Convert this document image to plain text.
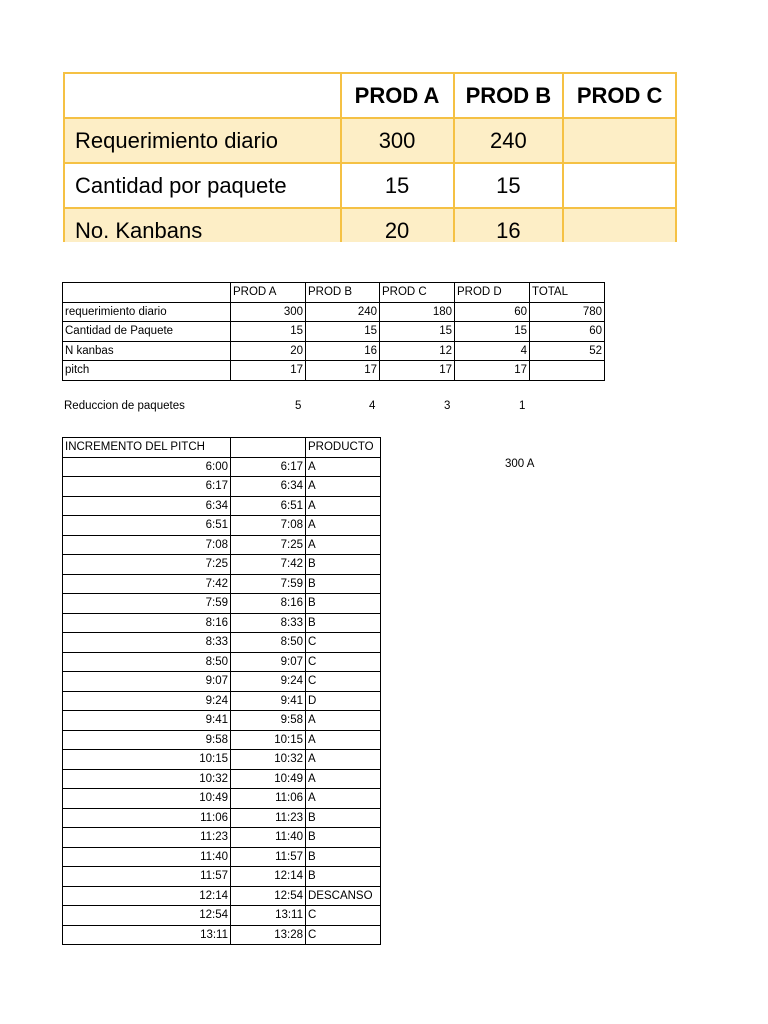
	PROD A	PROD B	PROD C
Requerimiento diario	300	240	
Cantidad por paquete	15	15	
No. Kanbans	20	16	
	PROD A	PROD B	PROD C	PROD D	TOTAL
requerimiento diario	300	240	180	60	780
Cantidad de Paquete	15	15	15	15	60
N kanbas	20	16	12	4	52
pitch	17	17	17	17	
Reduccion de paquetes	5	4	3	1
INCREMENTO DEL PITCH		PRODUCTO
6:00	6:17	A
6:17	6:34	A
6:34	6:51	A
6:51	7:08	A
7:08	7:25	A
7:25	7:42	B
7:42	7:59	B
7:59	8:16	B
8:16	8:33	B
8:33	8:50	C
8:50	9:07	C
9:07	9:24	C
9:24	9:41	D
9:41	9:58	A
9:58	10:15	A
10:15	10:32	A
10:32	10:49	A
10:49	11:06	A
11:06	11:23	B
11:23	11:40	B
11:40	11:57	B
11:57	12:14	B
12:14	12:54	DESCANSO
12:54	13:11	C
13:11	13:28	C
300 A
